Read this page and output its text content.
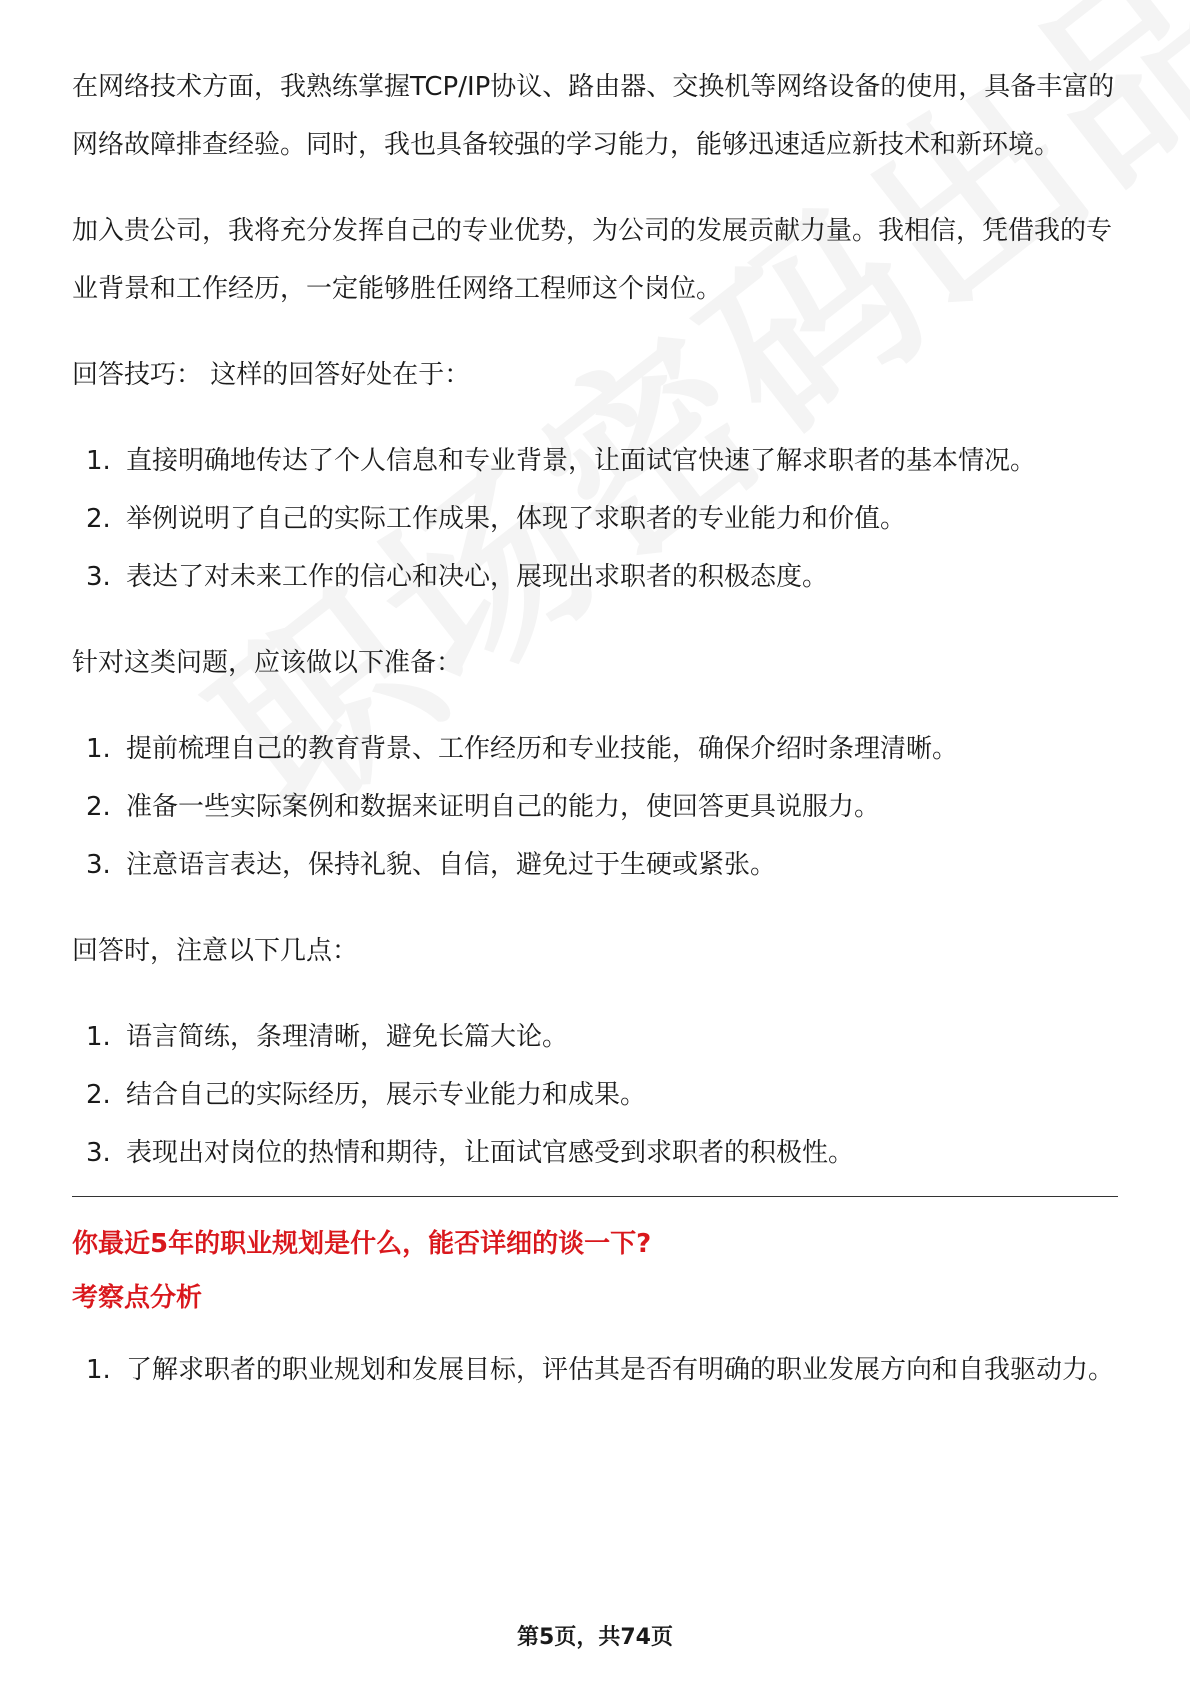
在网络技术方面，我熟练掌握TCP/IP协议、路由器、交换机等网络设备的使用，具备丰富的网络故障排查经验。同时，我也具备较强的学习能力，能够迅速适应新技术和新环境。

加入贵公司，我将充分发挥自己的专业优势，为公司的发展贡献力量。我相信，凭借我的专业背景和工作经历，一定能够胜任网络工程师这个岗位。

回答技巧： 这样的回答好处在于：

1. 直接明确地传达了个人信息和专业背景，让面试官快速了解求职者的基本情况。
2. 举例说明了自己的实际工作成果，体现了求职者的专业能力和价值。
3. 表达了对未来工作的信心和决心，展现出求职者的积极态度。

针对这类问题，应该做以下准备：

1. 提前梳理自己的教育背景、工作经历和专业技能，确保介绍时条理清晰。
2. 准备一些实际案例和数据来证明自己的能力，使回答更具说服力。
3. 注意语言表达，保持礼貌、自信，避免过于生硬或紧张。

回答时，注意以下几点：

1. 语言简练，条理清晰，避免长篇大论。
2. 结合自己的实际经历，展示专业能力和成果。
3. 表现出对岗位的热情和期待，让面试官感受到求职者的积极性。

你最近5年的职业规划是什么，能否详细的谈一下?

考察点分析

1. 了解求职者的职业规划和发展目标，评估其是否有明确的职业发展方向和自我驱动力。
第5页，共74页
